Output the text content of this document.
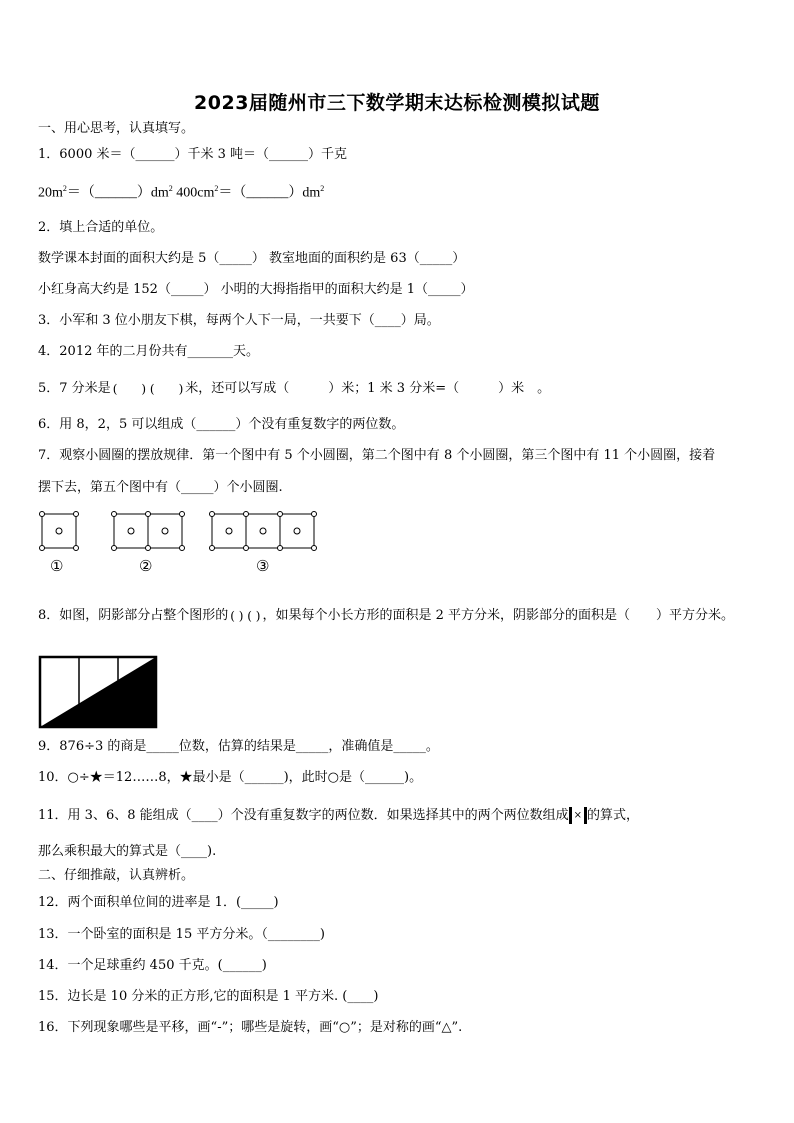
2023届随州市三下数学期末达标检测模拟试题
一、用心思考，认真填写。
1．6000 米＝（______）千米 3 吨＝（______）千克
$20m^2=(\_\_\_\_\_\_)dm^2$ $400cm^2=(\_\_\_\_\_\_)dm^2$
2．填上合适的单位。
数学课本封面的面积大约是 5（_____） 教室地面的面积约是 63（_____）
小红身高大约是 152（_____） 小明的大拇指指甲的面积大约是 1（_____）
3．小军和 3 位小朋友下棋，每两个人下一局，一共要下（____）局。
4．2012 年的二月份共有_______天。
5．7 分米是 (　　) (　　) 米，还可以写成（　　　）米；1 米 3 分米=（　　　）米　。
6．用 8，2，5 可以组成（______）个没有重复数字的两位数。
7．观察小圆圈的摆放规律．第一个图中有 5 个小圆圈，第二个图中有 8 个小圆圈，第三个图中有 11 个小圆圈，接着
摆下去，第五个图中有（_____）个小圆圈.
①	②	③
8．如图，阴影部分占整个图形的 ( ) ( ) ，如果每个小长方形的面积是 2 平方分米，阴影部分的面积是（　　）平方分米。
9．876÷3 的商是_____位数，估算的结果是_____，准确值是_____。
10．○÷★＝12……8，★最小是（______)，此时○是（______)。
11．用 3、6、8 能组成（____）个没有重复数字的两位数．如果选择其中的两个两位数组成 × 的算式，
那么乘积最大的算式是（____).
二、仔细推敲，认真辨析。
12．两个面积单位间的进率是 1．(_____)
13．一个卧室的面积是 15 平方分米。（________)
14．一个足球重约 450 千克。(______)
15．边长是 10 分米的正方形,它的面积是 1 平方米. (____)
16．下列现象哪些是平移，画“-”；哪些是旋转，画“○”；是对称的画“△”.
